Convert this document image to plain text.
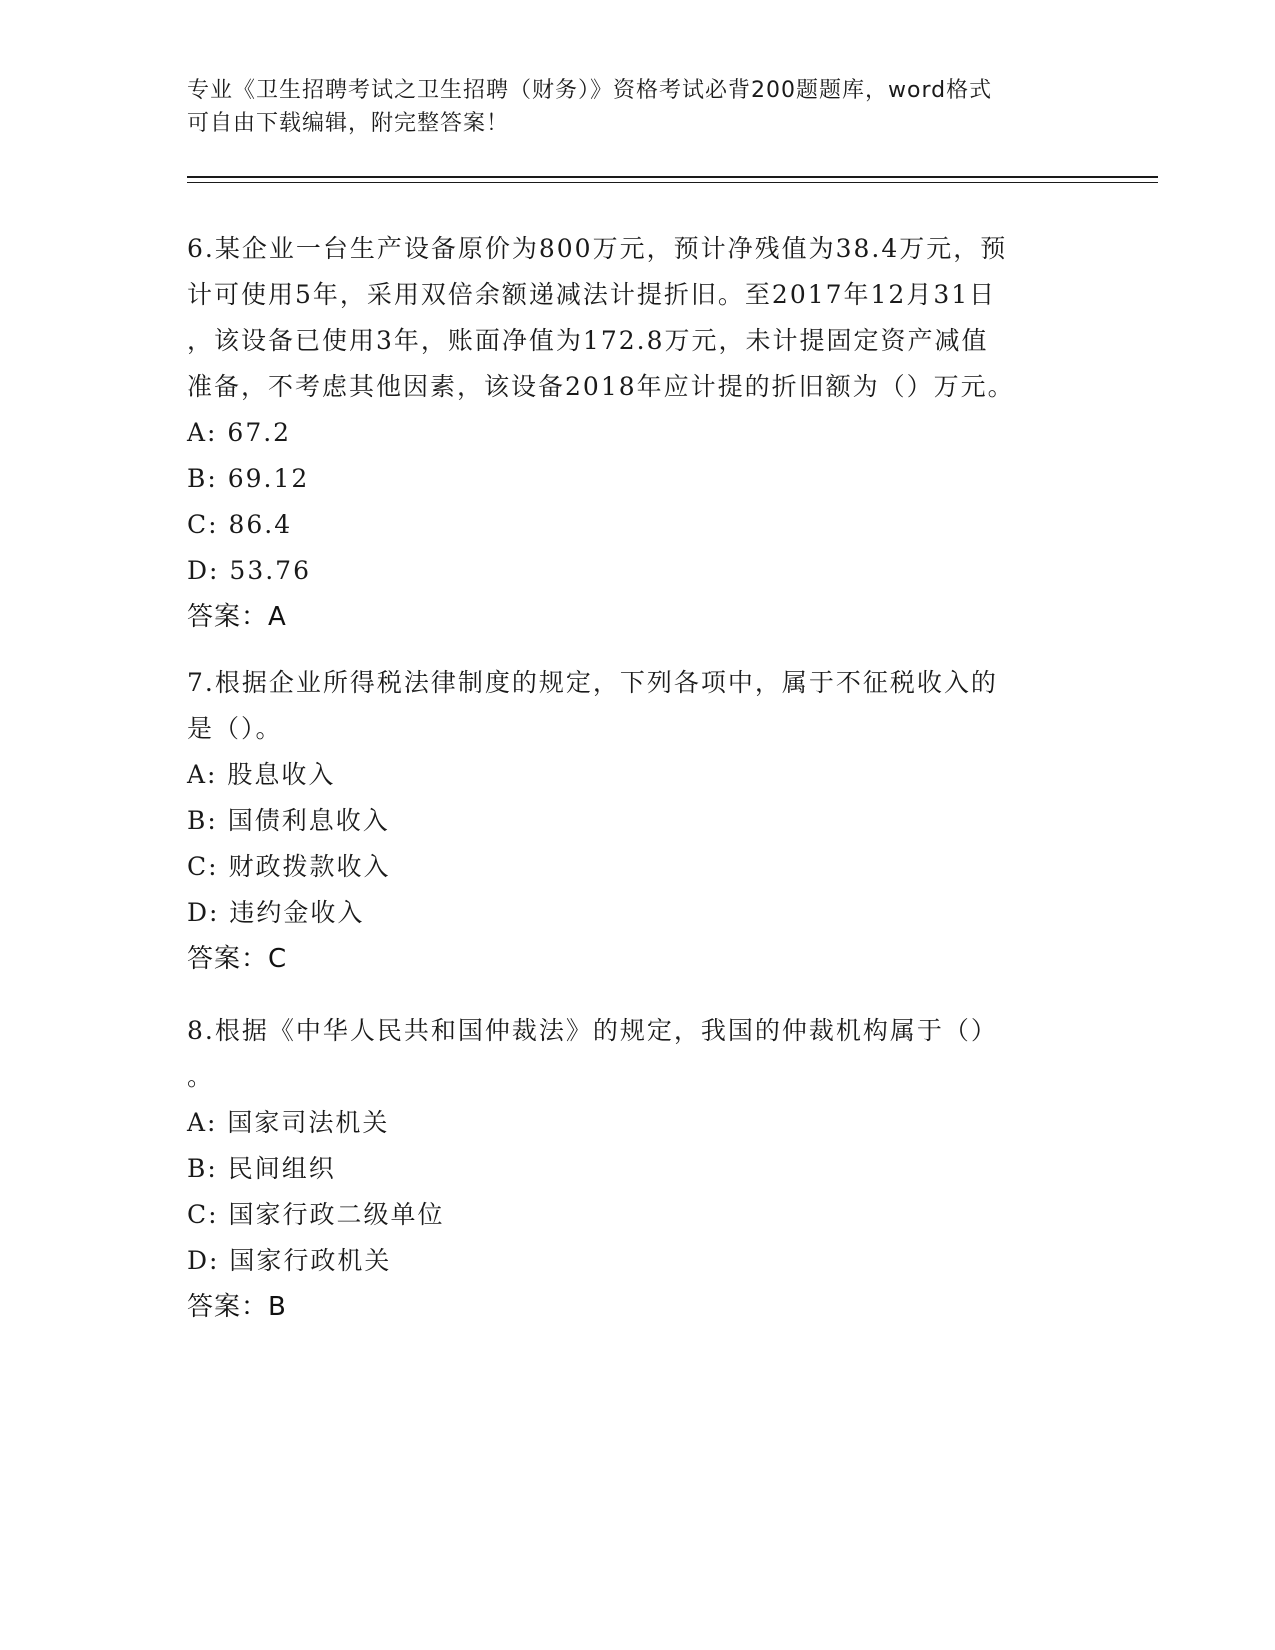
专业《卫生招聘考试之卫生招聘（财务）》资格考试必背200题题库，word格式
可自由下载编辑，附完整答案！
6.某企业一台生产设备原价为800万元，预计净残值为38.4万元，预
计可使用5年，采用双倍余额递减法计提折旧。至2017年12月31日
，该设备已使用3年，账面净值为172.8万元，未计提固定资产减值
准备，不考虑其他因素，该设备2018年应计提的折旧额为（）万元。
A: 67.2
B: 69.12
C: 86.4
D: 53.76
答案：A
7.根据企业所得税法律制度的规定，下列各项中，属于不征税收入的
是（）。
A: 股息收入
B: 国债利息收入
C: 财政拨款收入
D: 违约金收入
答案：C
8.根据《中华人民共和国仲裁法》的规定，我国的仲裁机构属于（）
。
A: 国家司法机关
B: 民间组织
C: 国家行政二级单位
D: 国家行政机关
答案：B
